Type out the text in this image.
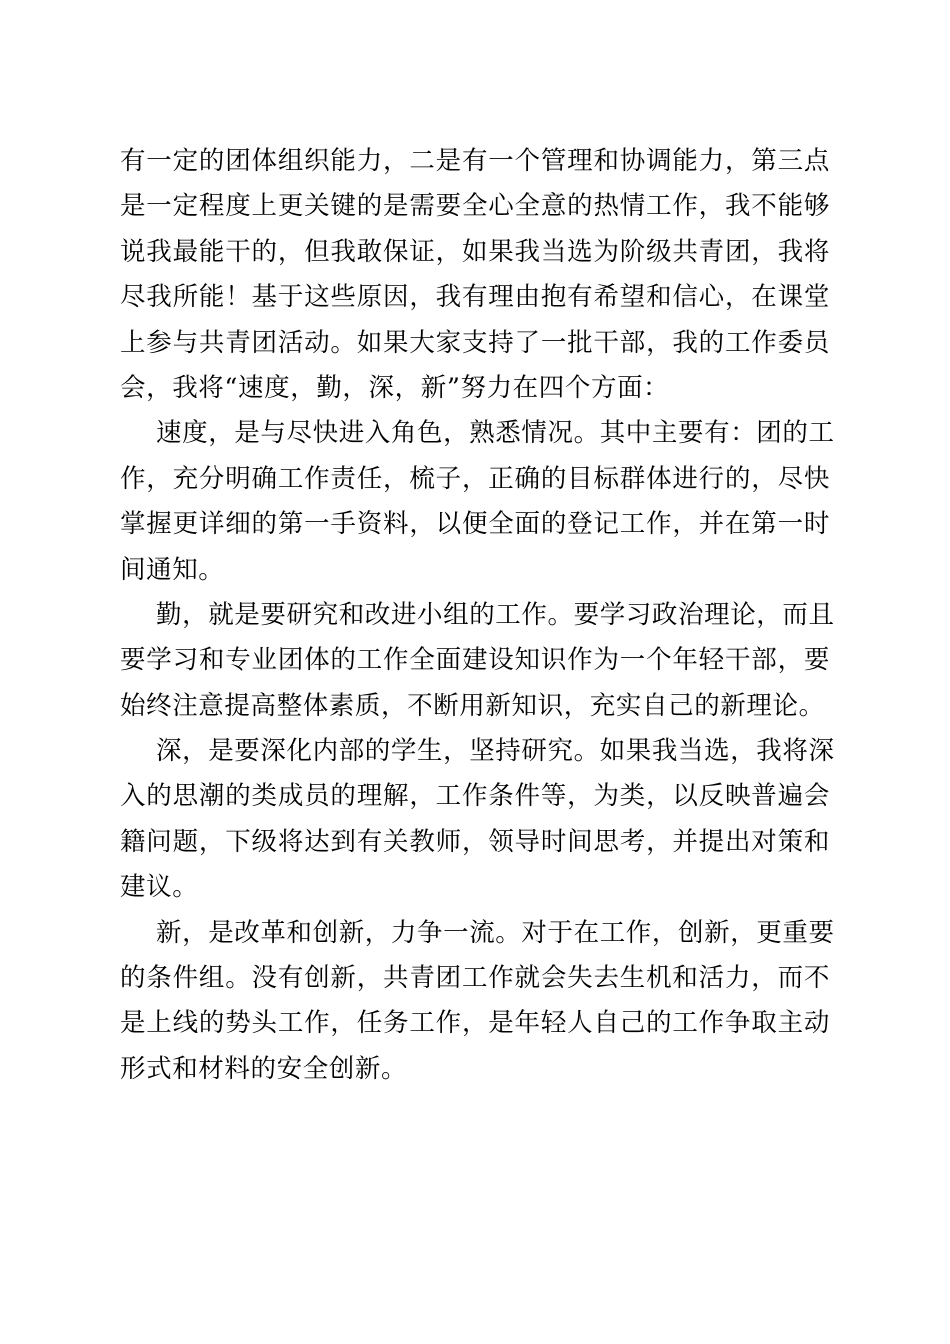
有一定的团体组织能力，二是有一个管理和协调能力，第三点
是一定程度上更关键的是需要全心全意的热情工作，我不能够
说我最能干的，但我敢保证，如果我当选为阶级共青团，我将
尽我所能！基于这些原因，我有理由抱有希望和信心，在课堂
上参与共青团活动。如果大家支持了一批干部，我的工作委员
会，我将“速度，勤，深，新”努力在四个方面：
速度，是与尽快进入角色，熟悉情况。其中主要有：团的工
作，充分明确工作责任，梳子，正确的目标群体进行的，尽快
掌握更详细的第一手资料，以便全面的登记工作，并在第一时
间通知。
勤，就是要研究和改进小组的工作。要学习政治理论，而且
要学习和专业团体的工作全面建设知识作为一个年轻干部，要
始终注意提高整体素质，不断用新知识，充实自己的新理论。
深，是要深化内部的学生，坚持研究。如果我当选，我将深
入的思潮的类成员的理解，工作条件等，为类，以反映普遍会
籍问题，下级将达到有关教师，领导时间思考，并提出对策和
建议。
新，是改革和创新，力争一流。对于在工作，创新，更重要
的条件组。没有创新，共青团工作就会失去生机和活力，而不
是上线的势头工作，任务工作，是年轻人自己的工作争取主动
形式和材料的安全创新。
